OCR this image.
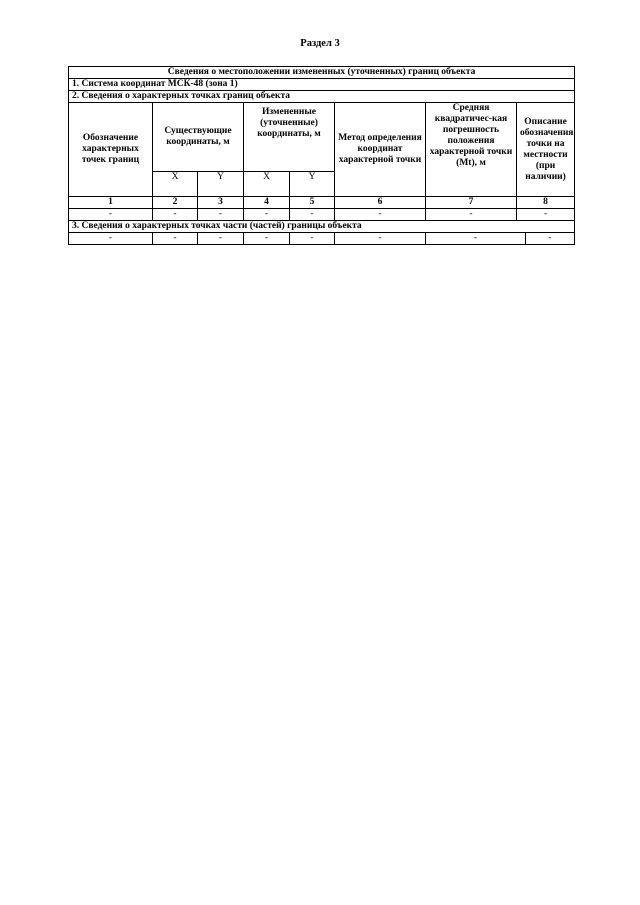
Раздел 3
Сведения о местоположении измененных (уточненных) границ объекта							
1. Система координат МСК-48 (зона 1)							
2. Сведения о характерных точках границ объекта							
Обозначение характерных точек границ	Существующие координаты, м		Измененные (уточненные) координаты, м		Метод определения координат характерной точки	Средняя квадратичес-кая погрешность положения характерной точки (Mt), м	Описание обозначения точки на местности (при наличии)
	X	Y	X	Y			
1	2	3	4	5	6	7	8
-	-	-	-	-	-	-	-
3. Сведения о характерных точках части (частей) границы объекта							
-	-	-	-	-	-	-	-
